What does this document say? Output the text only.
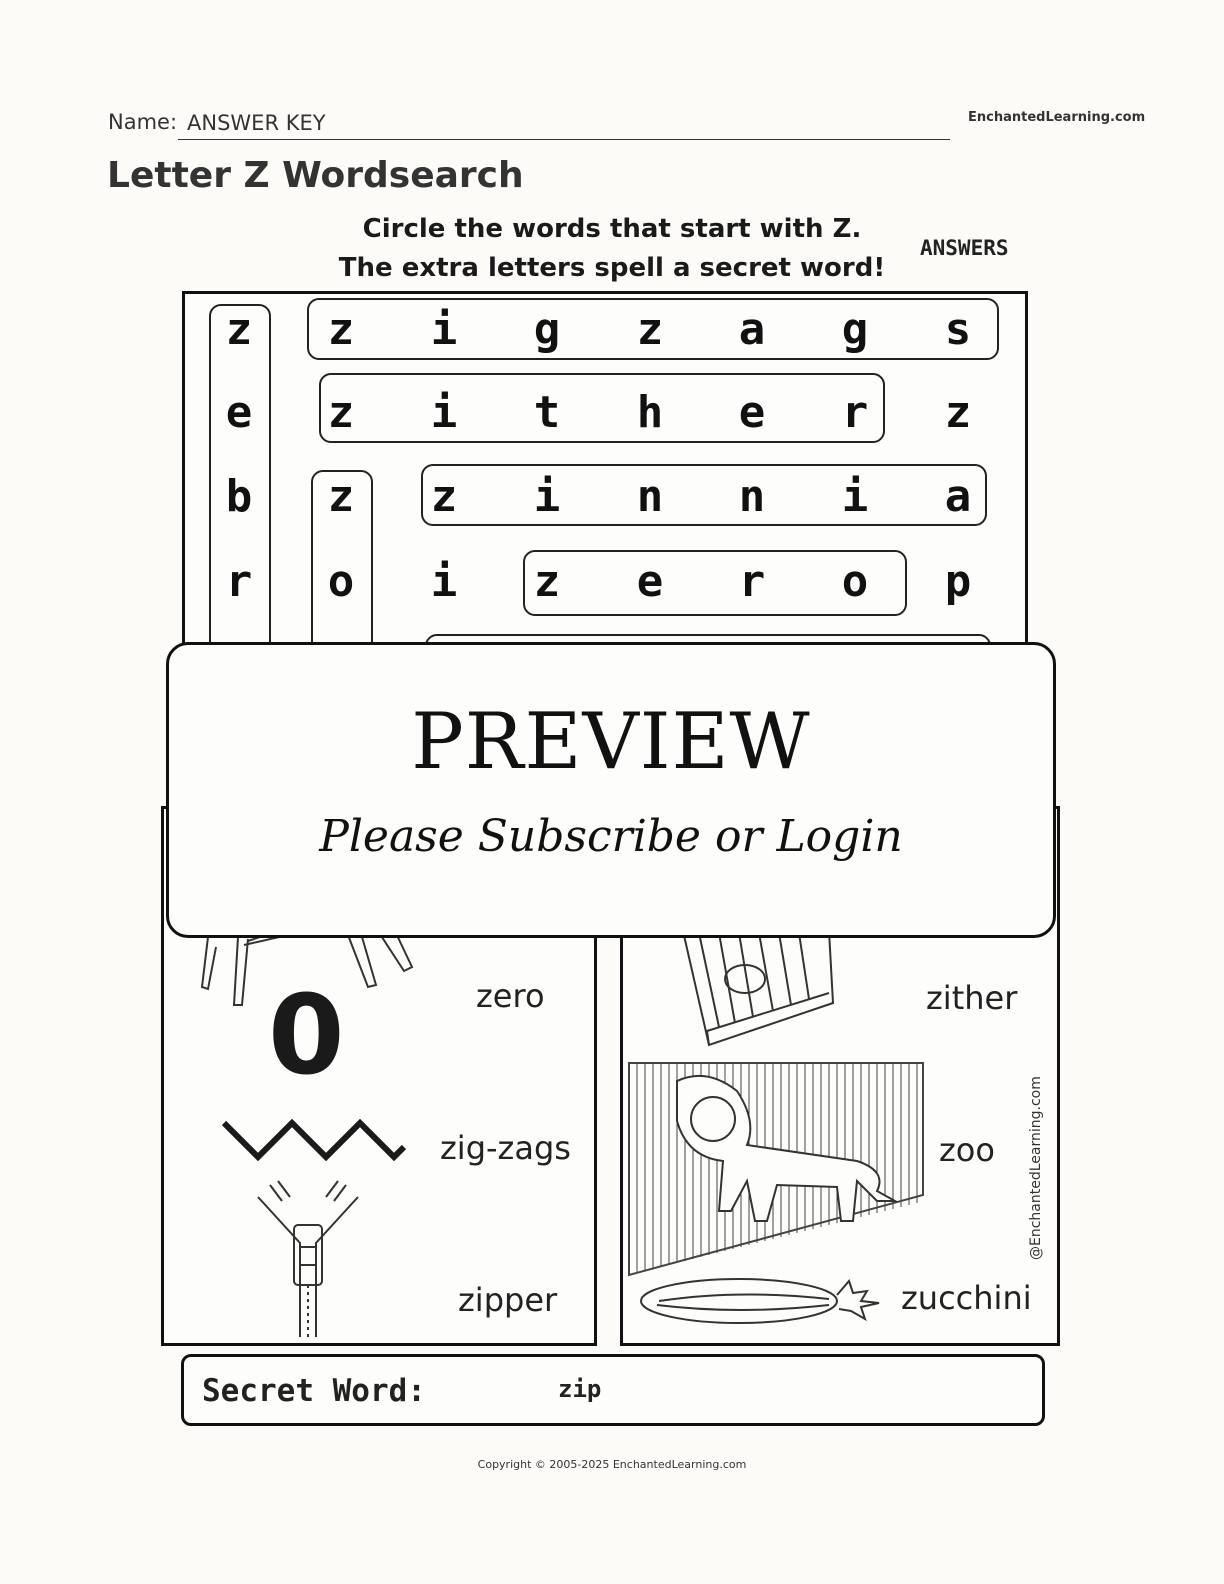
Name: ANSWER KEY	EnchantedLearning.com
Letter Z Wordsearch
Circle the words that start with Z.
The extra letters spell a secret word!
ANSWERS
z	z	i	g	z	a	g	s
e	z	i	t	h	e	r	z
b	z	z	i	n	n	i	a
r	o	i	z	e	r	o	p
zero
0
zig-zags
zipper
zither
zoo
zucchini
@EnchantedLearning.com
PREVIEW
Please Subscribe or Login
Secret Word:	zip
Copyright © 2005-2025 EnchantedLearning.com
